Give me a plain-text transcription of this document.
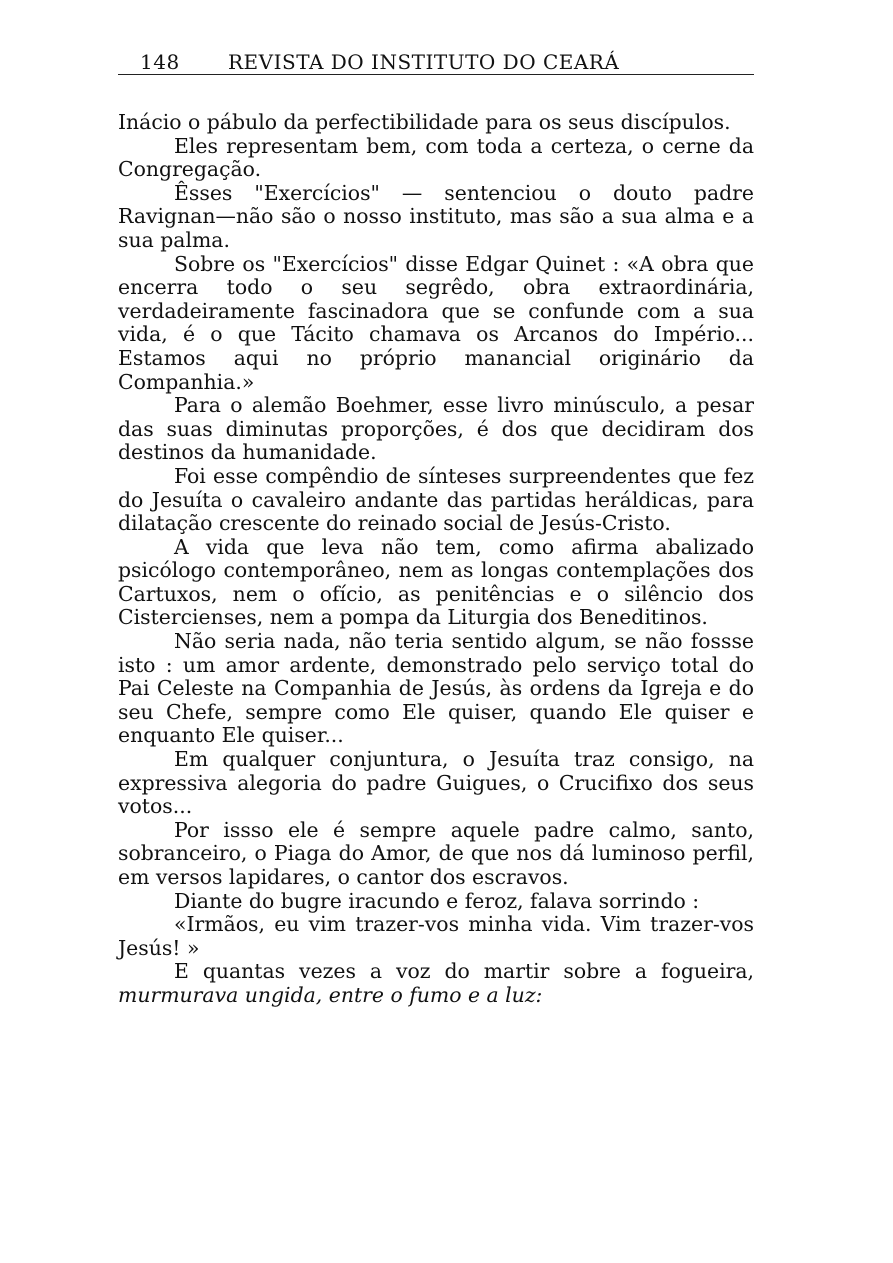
148 REVISTA DO INSTITUTO DO CEARÁ

Inácio o pábulo da perfectibilidade para os seus discípulos.

Eles representam bem, com toda a certeza, o cerne da Congregação.

Êsses "Exercícios" — sentenciou o douto padre Ravignan—não são o nosso instituto, mas são a sua alma e a sua palma.

Sobre os "Exercícios" disse Edgar Quinet : «A obra que encerra todo o seu segrêdo, obra extraordinária, verdadeiramente fascinadora que se confunde com a sua vida, é o que Tácito chamava os Arcanos do Império... Estamos aqui no próprio manancial originário da Companhia.»

Para o alemão Boehmer, esse livro minúsculo, a pesar das suas diminutas proporções, é dos que decidiram dos destinos da humanidade.

Foi esse compêndio de sínteses surpreendentes que fez do Jesuíta o cavaleiro andante das partidas heráldicas, para dilatação crescente do reinado social de Jesús-Cristo.

A vida que leva não tem, como afirma abalizado psicólogo contemporâneo, nem as longas contemplações dos Cartuxos, nem o ofício, as penitências e o silêncio dos Cistercienses, nem a pompa da Liturgia dos Beneditinos.

Não seria nada, não teria sentido algum, se não fossse isto : um amor ardente, demonstrado pelo serviço total do Pai Celeste na Companhia de Jesús, às ordens da Igreja e do seu Chefe, sempre como Ele quiser, quando Ele quiser e enquanto Ele quiser...

Em qualquer conjuntura, o Jesuíta traz consigo, na expressiva alegoria do padre Guigues, o Crucifixo dos seus votos...

Por issso ele é sempre aquele padre calmo, santo, sobranceiro, o Piaga do Amor, de que nos dá luminoso perfil, em versos lapidares, o cantor dos escravos.

Diante do bugre iracundo e feroz, falava sorrindo :

«Irmãos, eu vim trazer-vos minha vida. Vim trazer-vos Jesús! »

E quantas vezes a voz do martir sobre a fogueira, murmurava ungida, entre o fumo e a luz:
